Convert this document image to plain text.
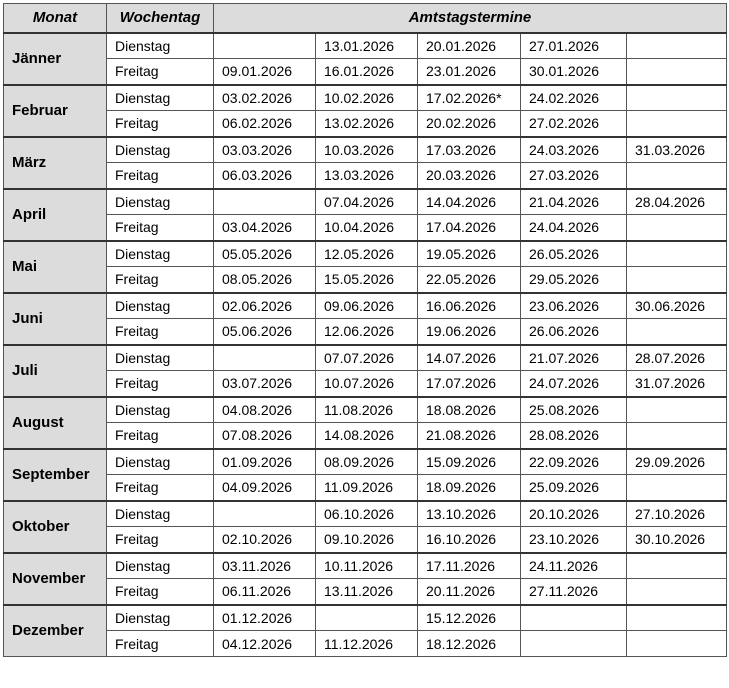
Monat	Wochentag	Amtstagstermine				
Jänner	Dienstag		13.01.2026	20.01.2026	27.01.2026	
	Freitag	09.01.2026	16.01.2026	23.01.2026	30.01.2026	
Februar	Dienstag	03.02.2026	10.02.2026	17.02.2026*	24.02.2026	
	Freitag	06.02.2026	13.02.2026	20.02.2026	27.02.2026	
März	Dienstag	03.03.2026	10.03.2026	17.03.2026	24.03.2026	31.03.2026
	Freitag	06.03.2026	13.03.2026	20.03.2026	27.03.2026	
April	Dienstag		07.04.2026	14.04.2026	21.04.2026	28.04.2026
	Freitag	03.04.2026	10.04.2026	17.04.2026	24.04.2026	
Mai	Dienstag	05.05.2026	12.05.2026	19.05.2026	26.05.2026	
	Freitag	08.05.2026	15.05.2026	22.05.2026	29.05.2026	
Juni	Dienstag	02.06.2026	09.06.2026	16.06.2026	23.06.2026	30.06.2026
	Freitag	05.06.2026	12.06.2026	19.06.2026	26.06.2026	
Juli	Dienstag		07.07.2026	14.07.2026	21.07.2026	28.07.2026
	Freitag	03.07.2026	10.07.2026	17.07.2026	24.07.2026	31.07.2026
August	Dienstag	04.08.2026	11.08.2026	18.08.2026	25.08.2026	
	Freitag	07.08.2026	14.08.2026	21.08.2026	28.08.2026	
September	Dienstag	01.09.2026	08.09.2026	15.09.2026	22.09.2026	29.09.2026
	Freitag	04.09.2026	11.09.2026	18.09.2026	25.09.2026	
Oktober	Dienstag		06.10.2026	13.10.2026	20.10.2026	27.10.2026
	Freitag	02.10.2026	09.10.2026	16.10.2026	23.10.2026	30.10.2026
November	Dienstag	03.11.2026	10.11.2026	17.11.2026	24.11.2026	
	Freitag	06.11.2026	13.11.2026	20.11.2026	27.11.2026	
Dezember	Dienstag	01.12.2026		15.12.2026		
	Freitag	04.12.2026	11.12.2026	18.12.2026		
